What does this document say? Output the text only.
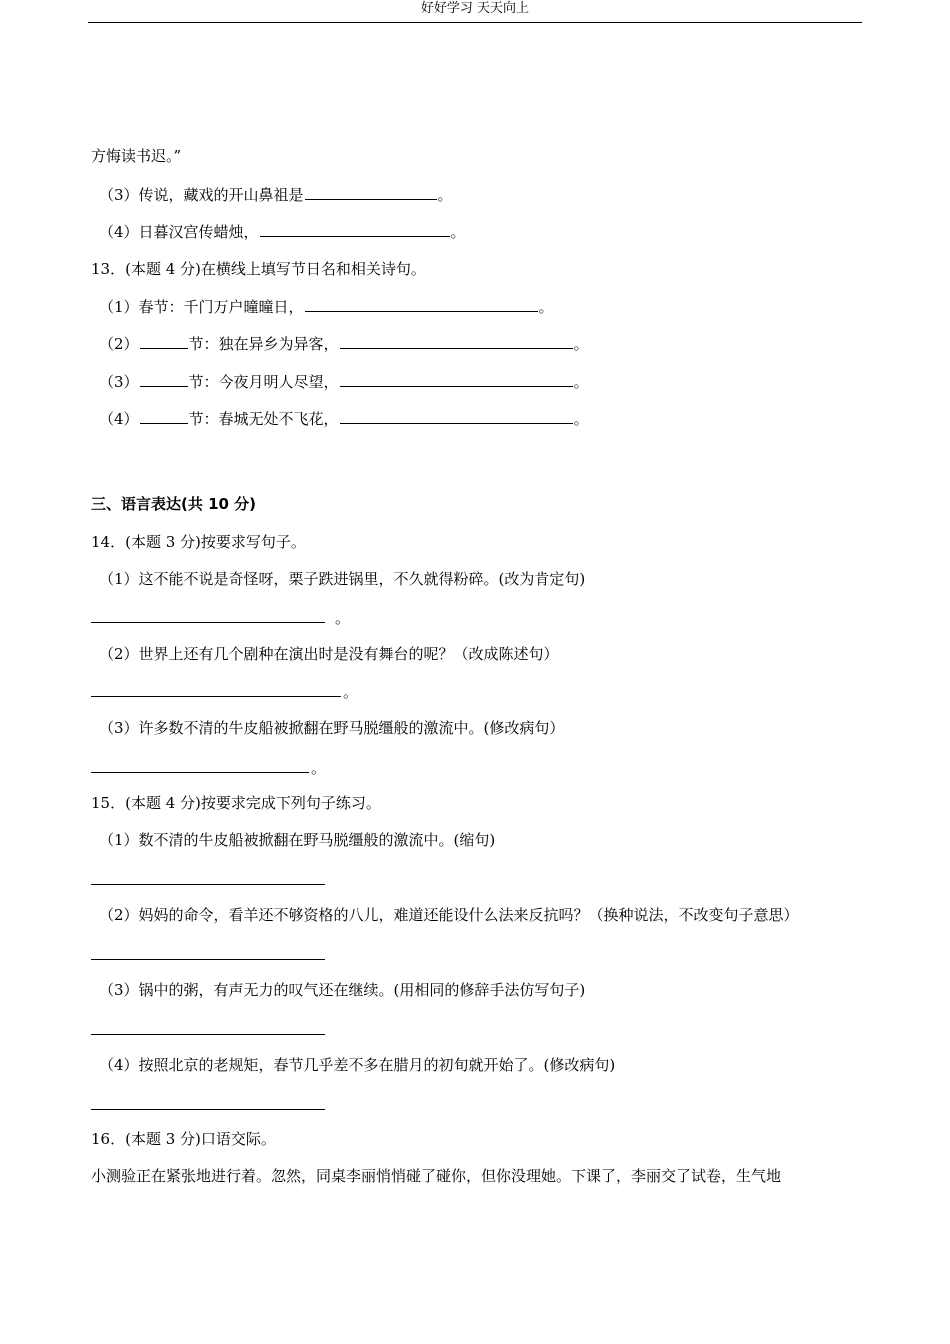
好好学习 天天向上
方悔读书迟。”
（3）传说，藏戏的开山鼻祖是	。
（4）日暮汉宫传蜡烛，	。
13．(本题 4 分)在横线上填写节日名和相关诗句。
（1）春节：千门万户曈曈日，	。
（2）	节：独在异乡为异客，	。
（3）	节：今夜月明人尽望，	。
（4）	节：春城无处不飞花，	。
三、语言表达(共 10 分)
14．(本题 3 分)按要求写句子。
（1）这不能不说是奇怪呀，栗子跌进锅里，不久就得粉碎。(改为肯定句)
。
（2）世界上还有几个剧种在演出时是没有舞台的呢？（改成陈述句）
。
（3）许多数不清的牛皮船被掀翻在野马脱缰般的激流中。(修改病句）
。
15．(本题 4 分)按要求完成下列句子练习。
（1）数不清的牛皮船被掀翻在野马脱缰般的激流中。(缩句)
（2）妈妈的命令，看羊还不够资格的八儿，难道还能设什么法来反抗吗？（换种说法，不改变句子意思）
（3）锅中的粥，有声无力的叹气还在继续。(用相同的修辞手法仿写句子)
（4）按照北京的老规矩，春节几乎差不多在腊月的初旬就开始了。(修改病句)
16．(本题 3 分)口语交际。
小测验正在紧张地进行着。忽然，同桌李丽悄悄碰了碰你，但你没理她。下课了，李丽交了试卷，生气地
